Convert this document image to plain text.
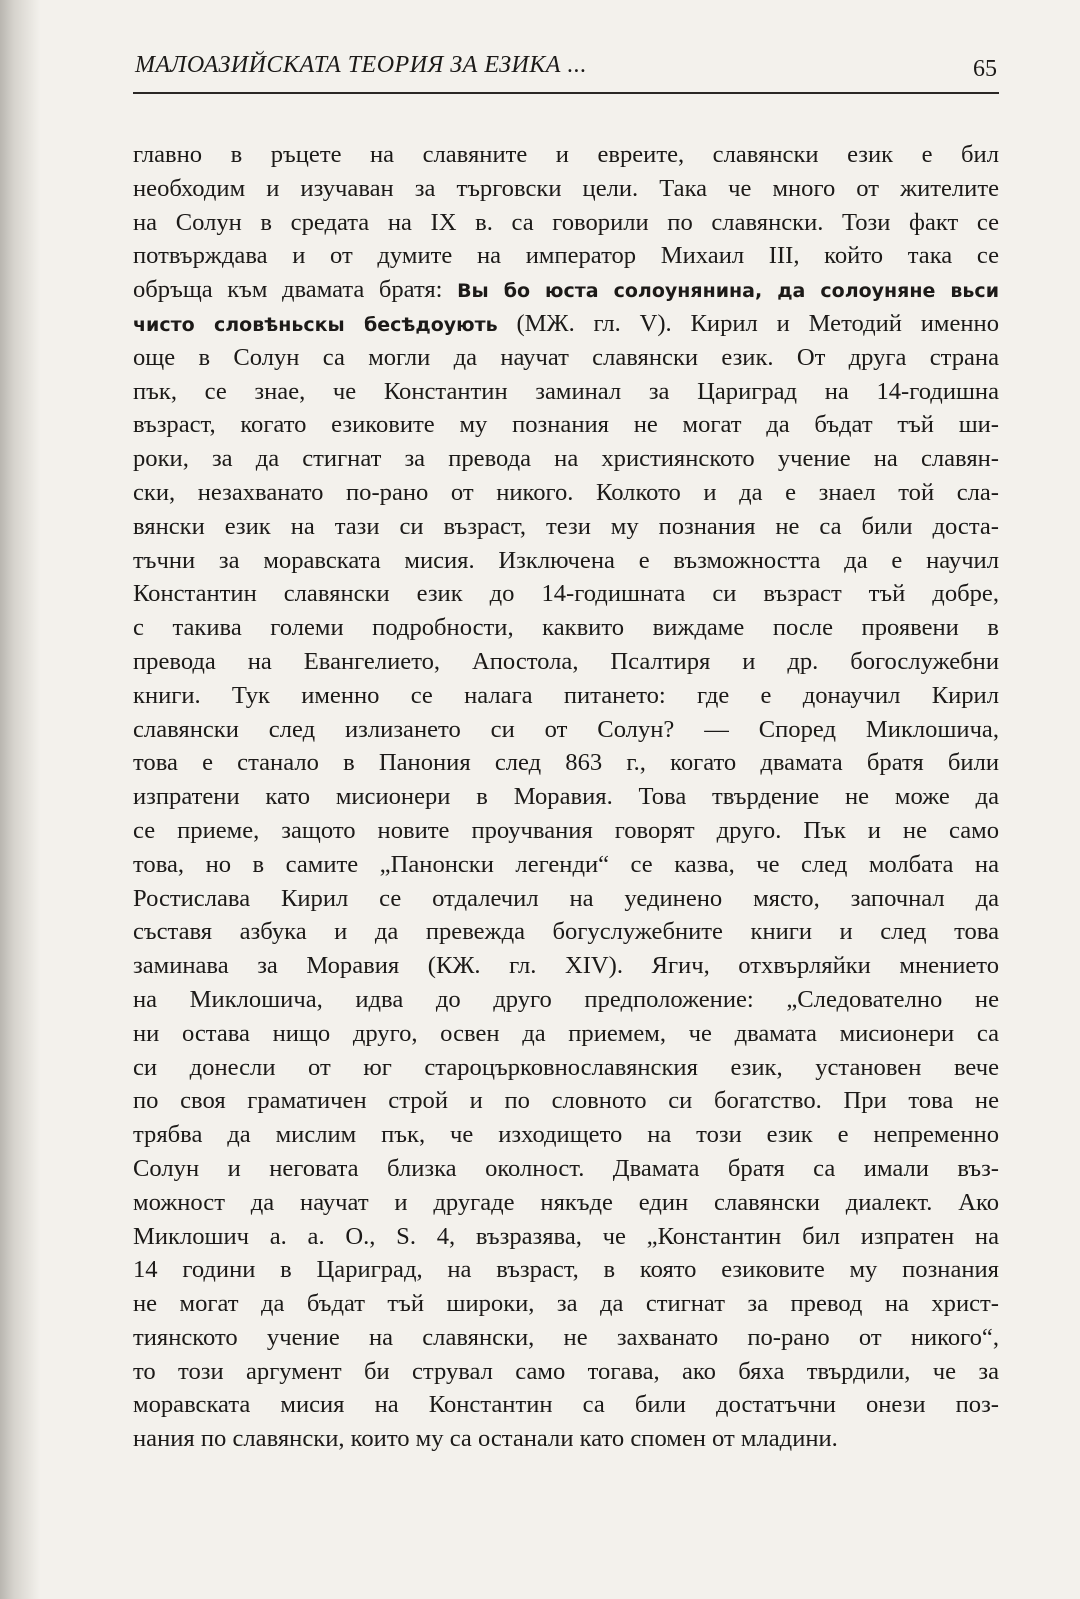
МАЛОАЗИЙСКАТА ТЕОРИЯ ЗА ЕЗИКА ...	65
главно в ръцете на славяните и евреите, славянски език е бил
необходим и изучаван за търговски цели. Така че много от жителите
на Солун в средата на IX в. са говорили по славянски. Този факт се
потвърждава и от думите на император Михаил III, който така се
обръща към двамата братя: Вы бо юста солоунянина, да солоуняне вьси
чисто словѣньскы бесѣдоують (МЖ. гл. V). Кирил и Методий именно
още в Солун са могли да научат славянски език. От друга страна
пък, се знае, че Константин заминал за Цариград на 14-годишна
възраст, когато езиковите му познания не могат да бъдат тъй ши-
роки, за да стигнат за превода на християнското учение на славян-
ски, незахванато по-рано от никого. Колкото и да е знаел той сла-
вянски език на тази си възраст, тези му познания не са били доста-
тъчни за моравската мисия. Изключена е възможността да е научил
Константин славянски език до 14-годишната си възраст тъй добре,
с такива големи подробности, каквито виждаме после проявени в
превода на Евангелието, Апостола, Псалтиря и др. богослужебни
книги. Тук именно се налага питането: где е донаучил Кирил
славянски след излизането си от Солун? — Според Миклошича,
това е станало в Панония след 863 г., когато двамата братя били
изпратени като мисионери в Моравия. Това твърдение не може да
се приеме, защото новите проучвания говорят друго. Пък и не само
това, но в самите „Панонски легенди“ се казва, че след молбата на
Ростислава Кирил се отдалечил на уединено място, започнал да
съставя азбука и да превежда богуслужебните книги и след това
заминава за Моравия (КЖ. гл. XIV). Ягич, отхвърляйки мнението
на Миклошича, идва до друго предположение: „Следователно не
ни остава нищо друго, освен да приемем, че двамата мисионери са
си донесли от юг староцърковнославянския език, установен вече
по своя граматичен строй и по словното си богатство. При това не
трябва да мислим пък, че изходището на този език е непременно
Солун и неговата близка околност. Двамата братя са имали въз-
можност да научат и другаде някъде един славянски диалект. Ако
Миклошич а. а. О., S. 4, възразява, че „Константин бил изпратен на
14 години в Цариград, на възраст, в която езиковите му познания
не могат да бъдат тъй широки, за да стигнат за превод на христ-
тиянското учение на славянски, не захванато по-рано от никого“,
то този аргумент би струвал само тогава, ако бяха твърдили, че за
моравската мисия на Константин са били достатъчни онези поз-
нания по славянски, които му са останали като спомен от младини.
